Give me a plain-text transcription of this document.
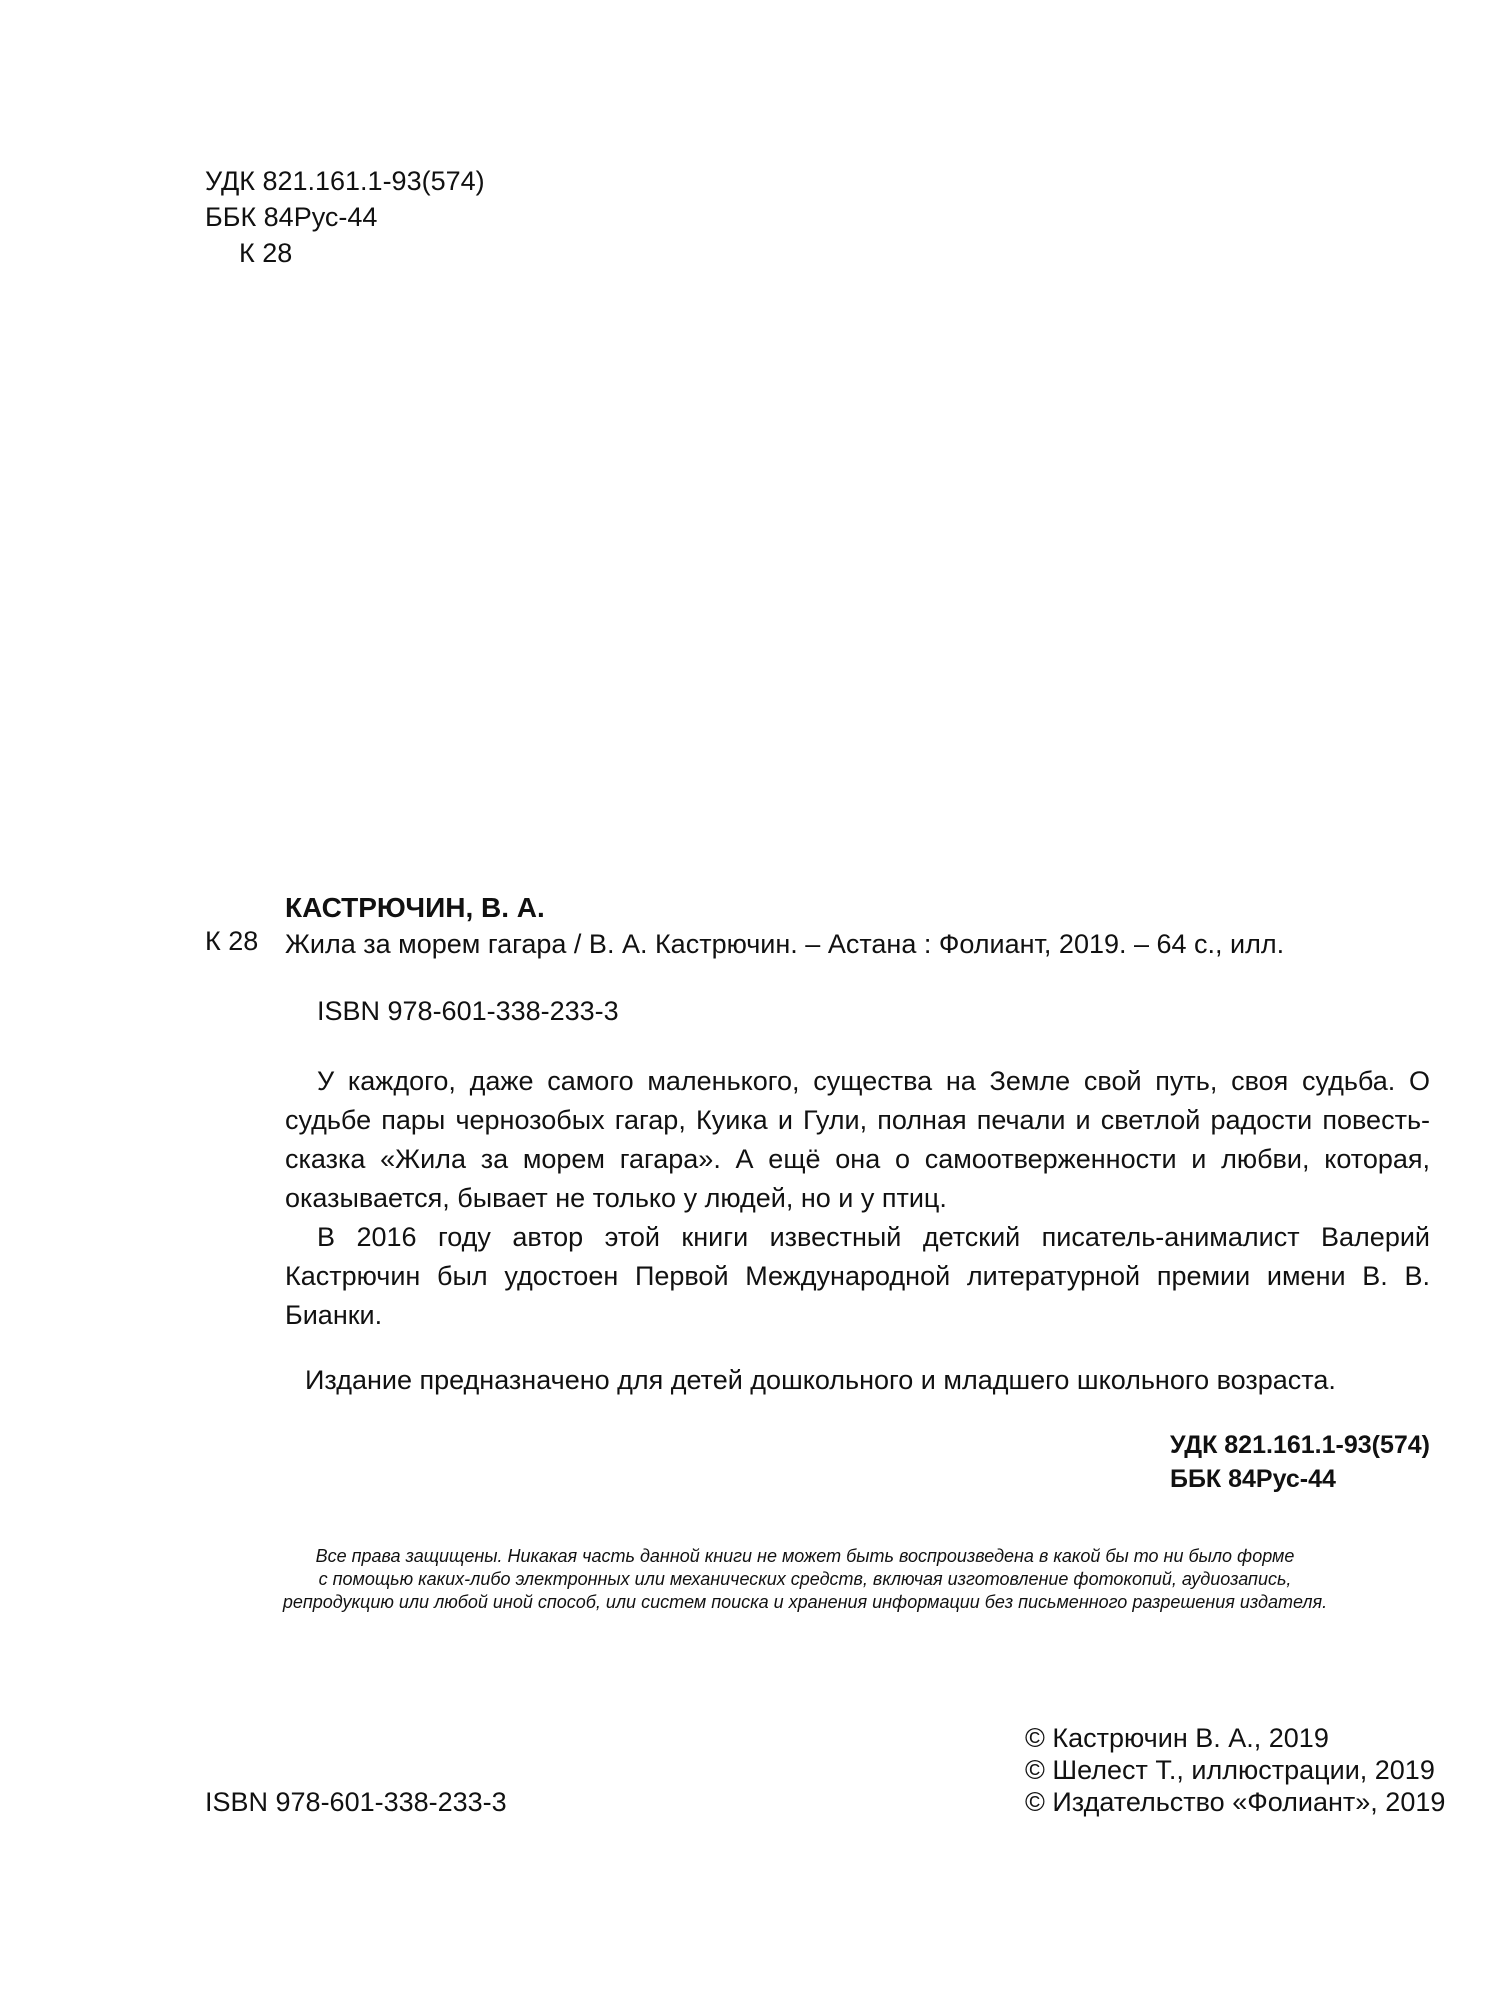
УДК 821.161.1-93(574)
ББК 84Рус-44
К 28
К 28
КАСТРЮЧИН, В. А.
Жила за морем гагара / В. А. Кастрючин. – Астана : Фолиант, 2019. – 64 с., илл.
ISBN 978-601-338-233-3

У каждого, даже самого маленького, существа на Земле свой путь, своя судьба. О судьбе пары чернозобых гагар, Куика и Гули, полная печали и светлой радости повесть-сказка «Жила за морем гагара». А ещё она о самоотверженности и любви, которая, оказывается, бывает не только у людей, но и у птиц.

В 2016 году автор этой книги известный детский писатель-анималист Валерий Кастрючин был удостоен Первой Международной литературной премии имени В. В. Бианки.

Издание предназначено для детей дошкольного и младшего школьного возраста.
УДК 821.161.1-93(574)
ББК 84Рус-44
Все права защищены. Никакая часть данной книги не может быть воспроизведена в какой бы то ни было форме
с помощью каких-либо электронных или механических средств, включая изготовление фотокопий, аудиозапись,
репродукцию или любой иной способ, или систем поиска и хранения информации без письменного разрешения издателя.
© Кастрючин В. А., 2019
© Шелест Т., иллюстрации, 2019
© Издательство «Фолиант», 2019
ISBN 978-601-338-233-3
